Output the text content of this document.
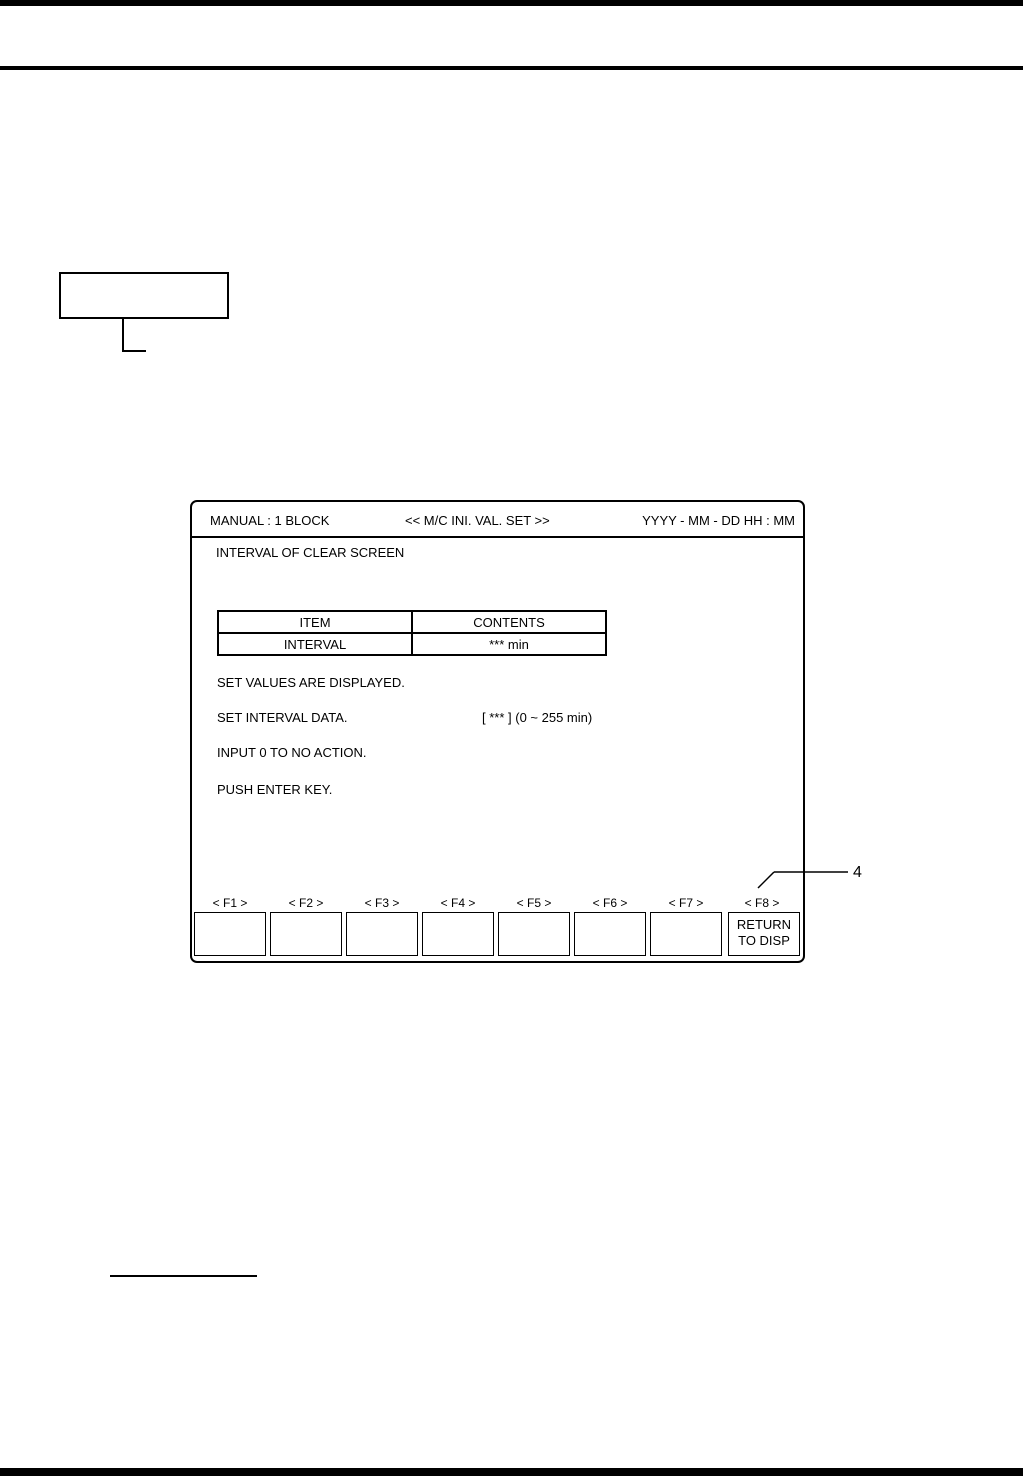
MANUAL : 1 BLOCK	<< M/C INI. VAL. SET >>	YYYY - MM - DD HH : MM
INTERVAL OF CLEAR SCREEN
ITEM	CONTENTS
INTERVAL	*** min
SET VALUES ARE DISPLAYED.
SET INTERVAL DATA.	[ *** ] (0 ~ 255 min)
INPUT 0 TO NO ACTION.
PUSH ENTER KEY.
< F1 >	< F2 >	< F3 >	< F4 >	< F5 >	< F6 >	< F7 >	< F8 >
RETURN
TO DISP
4
